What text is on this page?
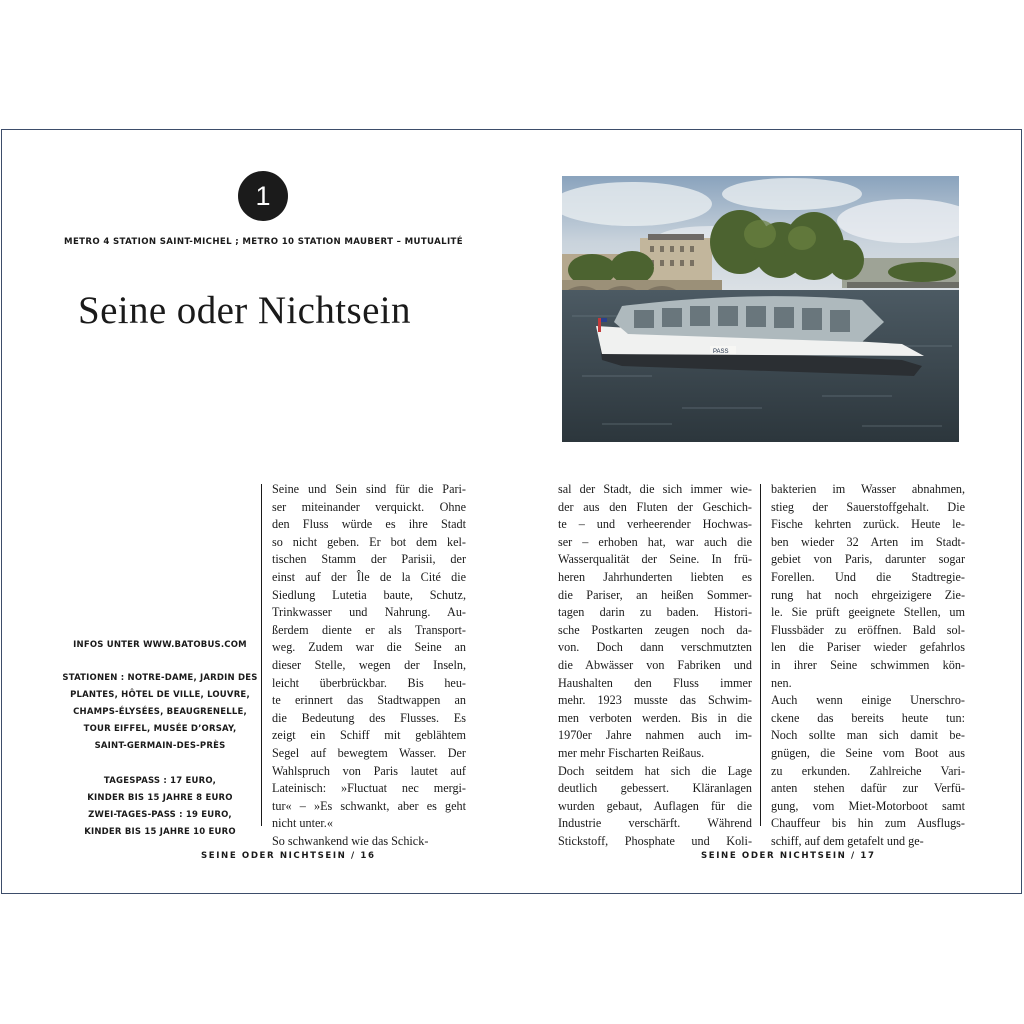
1
METRO 4 STATION SAINT-MICHEL ; METRO 10 STATION MAUBERT – MUTUALITÉ
Seine oder Nichtsein
PASS
INFOS UNTER WWW.BATOBUS.COM
STATIONEN : NOTRE-DAME, JARDIN DES
PLANTES, HÔTEL DE VILLE, LOUVRE,
CHAMPS-ÉLYSÉES, BEAUGRENELLE,
TOUR EIFFEL, MUSÉE D’ORSAY,
SAINT-GERMAIN-DES-PRÈS
TAGESPASS : 17 EURO,
KINDER BIS 15 JAHRE 8 EURO
ZWEI-TAGES-PASS : 19 EURO,
KINDER BIS 15 JAHRE 10 EURO
Seine und Sein sind für die Pari-
ser miteinander verquickt. Ohne
den Fluss würde es ihre Stadt
so nicht geben. Er bot dem kel-
tischen Stamm der Parisii, der
einst auf der Île de la Cité die
Siedlung Lutetia baute, Schutz,
Trinkwasser und Nahrung. Au-
ßerdem diente er als Transport-
weg. Zudem war die Seine an
dieser Stelle, wegen der Inseln,
leicht überbrückbar. Bis heu-
te erinnert das Stadtwappen an
die Bedeutung des Flusses. Es
zeigt ein Schiff mit geblähtem
Segel auf bewegtem Wasser. Der
Wahlspruch von Paris lautet auf
Lateinisch: »Fluctuat nec mergi-
tur« – »Es schwankt, aber es geht
nicht unter.«
So schwankend wie das Schick-
sal der Stadt, die sich immer wie-
der aus den Fluten der Geschich-
te – und verheerender Hochwas-
ser – erhoben hat, war auch die
Wasserqualität der Seine. In frü-
heren Jahrhunderten liebten es
die Pariser, an heißen Sommer-
tagen darin zu baden. Histori-
sche Postkarten zeugen noch da-
von. Doch dann verschmutzten
die Abwässer von Fabriken und
Haushalten den Fluss immer
mehr. 1923 musste das Schwim-
men verboten werden. Bis in die
1970er Jahre nahmen auch im-
mer mehr Fischarten Reißaus.
Doch seitdem hat sich die Lage
deutlich gebessert. Kläranlagen
wurden gebaut, Auflagen für die
Industrie verschärft. Während
Stickstoff, Phosphate und Koli-
bakterien im Wasser abnahmen,
stieg der Sauerstoffgehalt. Die
Fische kehrten zurück. Heute le-
ben wieder 32 Arten im Stadt-
gebiet von Paris, darunter sogar
Forellen. Und die Stadtregie-
rung hat noch ehrgeizigere Zie-
le. Sie prüft geeignete Stellen, um
Flussbäder zu eröffnen. Bald sol-
len die Pariser wieder gefahrlos
in ihrer Seine schwimmen kön-
nen.
Auch wenn einige Unerschro-
ckene das bereits heute tun:
Noch sollte man sich damit be-
gnügen, die Seine vom Boot aus
zu erkunden. Zahlreiche Vari-
anten stehen dafür zur Verfü-
gung, vom Miet-Motorboot samt
Chauffeur bis hin zum Ausflugs-
schiff, auf dem getafelt und ge-
SEINE ODER NICHTSEIN / 16	SEINE ODER NICHTSEIN / 17
